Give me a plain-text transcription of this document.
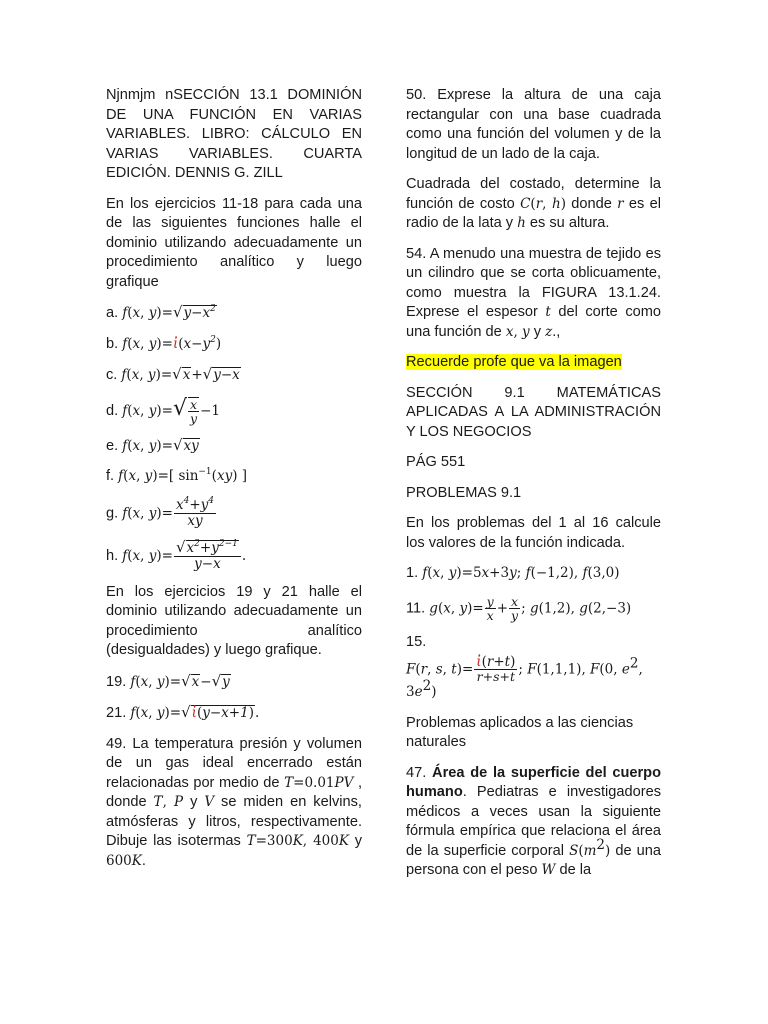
Njnmjm nSECCIÓN 13.1 DOMINIÓN DE UNA FUNCIÓN EN VARIAS VARIABLES. LIBRO: CÁLCULO EN VARIAS VARIABLES. CUARTA EDICIÓN. DENNIS G. ZILL

En los ejercicios 11-18 para cada una de las siguientes funciones halle el dominio utilizando adecuadamente un procedimiento analítico y luego grafique

a. f(x, $y)=√y-x^2$
b. f(x, $y)=ἰ(x-y^2)$
c. f(x, y)=√x+√y−x
d. f(x, $y)=√ \frac{x}{y} -1$
e. f(x, y)=√xy
f. f(x, y)=[ $\sin^{-1}(xy)$ ]
g. f(x, $y)= \frac{x^4+y^4}{xy}$
h. f(x, $y)= \frac{√x^2+y^{2-1}}{y-x}$ .

En los ejercicios 19 y 21 halle el dominio utilizando adecuadamente un procedimiento analítico (desigualdades) y luego grafique.

19. f(x, y)=√x−√y
21. f(x, y)=√ἰ(y−x+1).

49. La temperatura presión y volumen de un gas ideal encerrado están relacionadas por medio de T=0.01PV , donde T, P y V se miden en kelvins, atmósferas y litros, respectivamente. Dibuje las isotermas T=300K, 400K y 600K.

50. Exprese la altura de una caja rectangular con una base cuadrada como una función del volumen y de la longitud de un lado de la caja.

Cuadrada del costado, determine la función de costo C(r, h) donde r es el radio de la lata y h es su altura.

54. A menudo una muestra de tejido es un cilindro que se corta oblicuamente, como muestra la FIGURA 13.1.24. Exprese el espesor t del corte como una función de x, y y z.,

Recuerde profe que va la imagen

SECCIÓN 9.1 MATEMÁTICAS APLICADAS A LA ADMINISTRACIÓN Y LOS NEGOCIOS

PÁG 551

PROBLEMAS 9.1

En los problemas del 1 al 16 calcule los valores de la función indicada.

1. f(x, y)=5x+3y; f(−1,2), f(3,0)
11. g(x, $y)= \frac{y}{x} + \frac{x}{y}$ ; g(1,2), g(2,−3)
15.
F(r, s, $t)= \frac{\text{ἰ(r+t)}}{r+s+t}$ ; F(1,1,1), F(0, $e^2$, $3e^2$)

Problemas aplicados a las ciencias naturales

47. Área de la superficie del cuerpo humano. Pediatras e investigadores médicos a veces usan la siguiente fórmula empírica que relaciona el área de la superficie corporal $S(m^2)$ de una persona con el peso W de la
